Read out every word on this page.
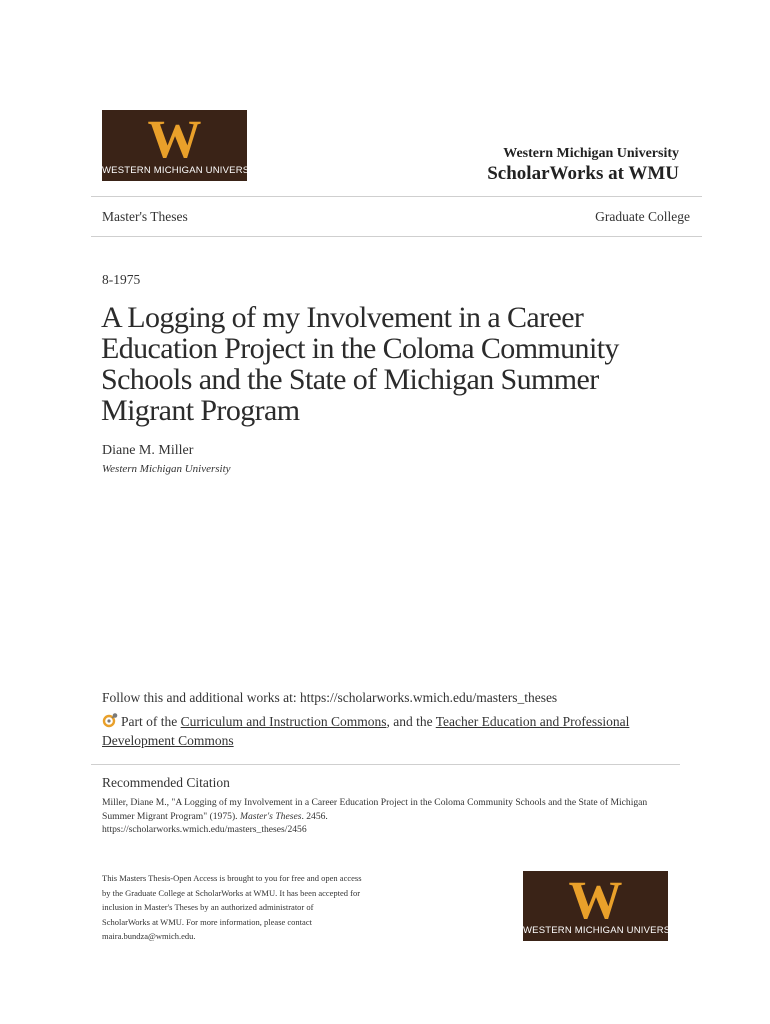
W
WESTERN MICHIGAN UNIVERSITY
Western Michigan University
ScholarWorks at WMU
Master's Theses	Graduate College
8-1975
A Logging of my Involvement in a Career Education Project in the Coloma Community Schools and the State of Michigan Summer Migrant Program
Diane M. Miller
Western Michigan University
Follow this and additional works at: https://scholarworks.wmich.edu/masters_theses
Part of the Curriculum and Instruction Commons, and the Teacher Education and Professional Development Commons
Recommended Citation
Miller, Diane M., "A Logging of my Involvement in a Career Education Project in the Coloma Community Schools and the State of Michigan Summer Migrant Program" (1975). Master's Theses. 2456.
https://scholarworks.wmich.edu/masters_theses/2456
This Masters Thesis-Open Access is brought to you for free and open access
by the Graduate College at ScholarWorks at WMU. It has been accepted for
inclusion in Master's Theses by an authorized administrator of
ScholarWorks at WMU. For more information, please contact
maira.bundza@wmich.edu.
W
WESTERN MICHIGAN UNIVERSITY
